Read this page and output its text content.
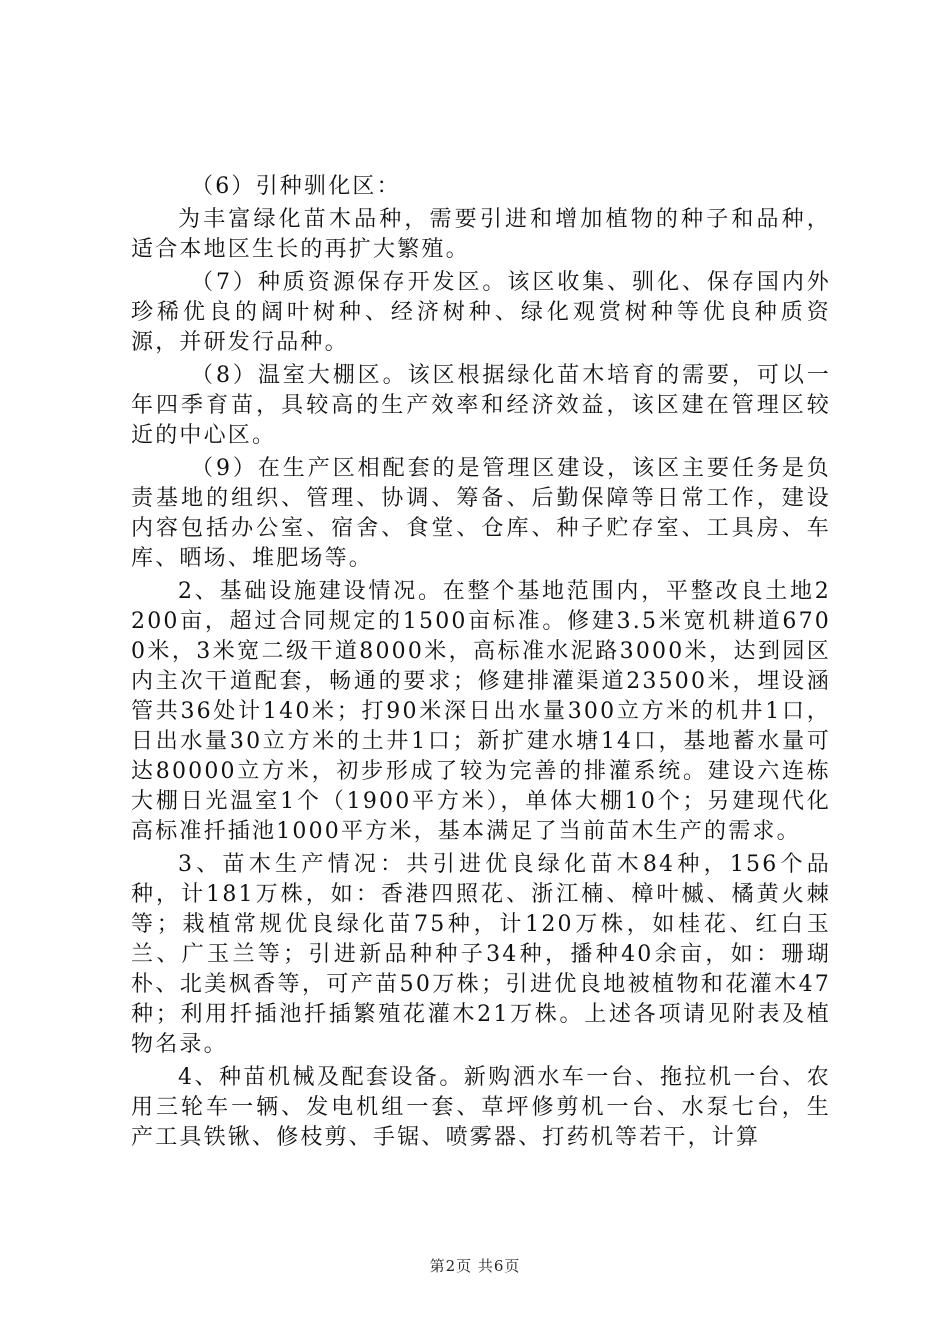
（6）引种驯化区：

为丰富绿化苗木品种，需要引进和增加植物的种子和品种，适合本地区生长的再扩大繁殖。

（7）种质资源保存开发区。该区收集、驯化、保存国内外珍稀优良的阔叶树种、经济树种、绿化观赏树种等优良种质资源，并研发行品种。

（8）温室大棚区。该区根据绿化苗木培育的需要，可以一年四季育苗，具较高的生产效率和经济效益，该区建在管理区较近的中心区。

（9）在生产区相配套的是管理区建设，该区主要任务是负责基地的组织、管理、协调、筹备、后勤保障等日常工作，建设内容包括办公室、宿舍、食堂、仓库、种子贮存室、工具房、车库、晒场、堆肥场等。

2、基础设施建设情况。在整个基地范围内，平整改良土地2200亩，超过合同规定的1500亩标准。修建3.5米宽机耕道6700米，3米宽二级干道8000米，高标准水泥路3000米，达到园区内主次干道配套，畅通的要求；修建排灌渠道23500米，埋设涵管共36处计140米；打90米深日出水量300立方米的机井1口，日出水量30立方米的土井1口；新扩建水塘14口，基地蓄水量可达80000立方米，初步形成了较为完善的排灌系统。建设六连栋大棚日光温室1个（1900平方米），单体大棚10个；另建现代化高标准扦插池1000平方米，基本满足了当前苗木生产的需求。

3、苗木生产情况：共引进优良绿化苗木84种，156个品种，计181万株，如：香港四照花、浙江楠、樟叶槭、橘黄火棘等；栽植常规优良绿化苗75种，计120万株，如桂花、红白玉兰、广玉兰等；引进新品种种子34种，播种40余亩，如：珊瑚朴、北美枫香等，可产苗50万株；引进优良地被植物和花灌木47种；利用扦插池扦插繁殖花灌木21万株。上述各项请见附表及植物名录。

4、种苗机械及配套设备。新购洒水车一台、拖拉机一台、农用三轮车一辆、发电机组一套、草坪修剪机一台、水泵七台，生产工具铁锹、修枝剪、手锯、喷雾器、打药机等若干，计算

第2页 共6页
